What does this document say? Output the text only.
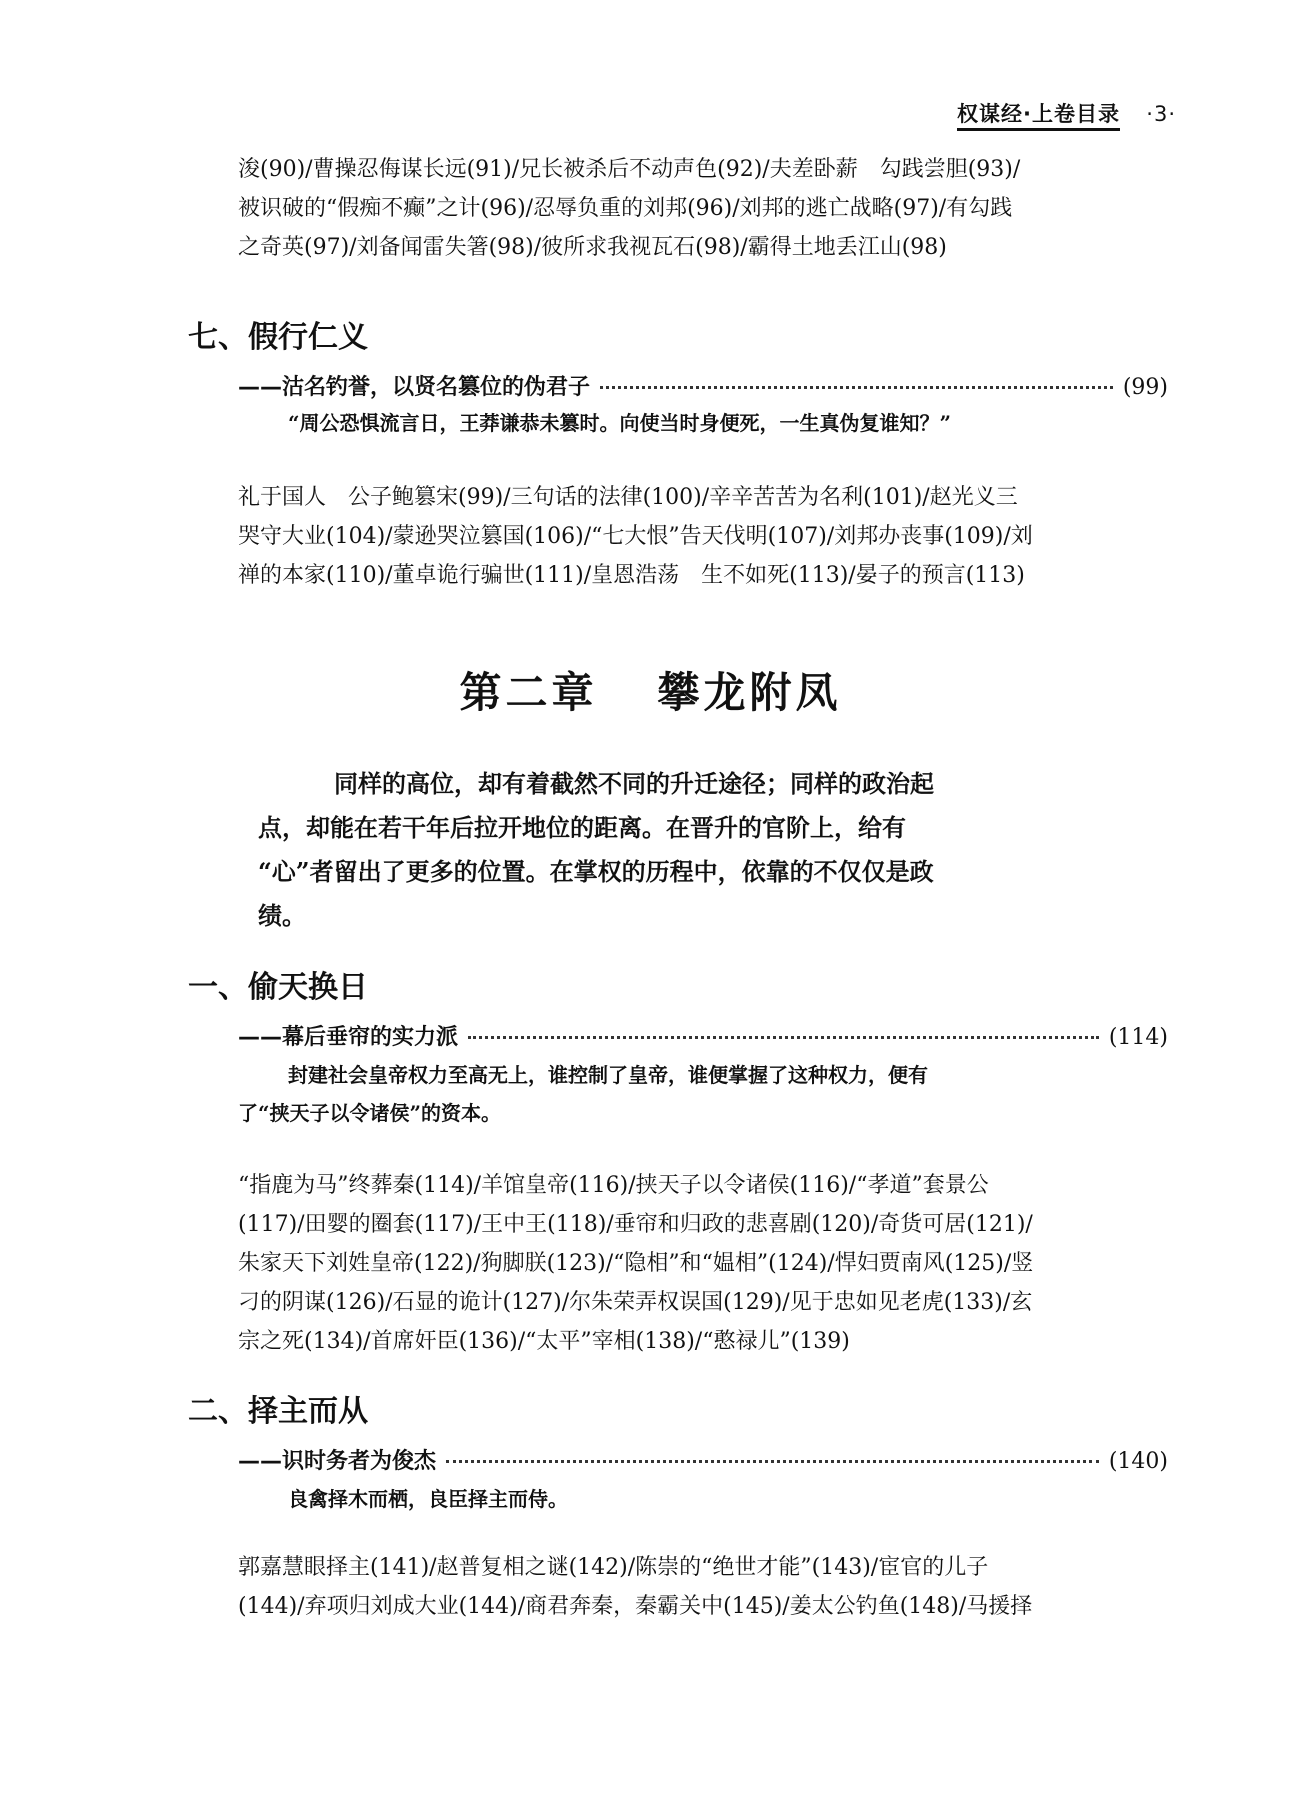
权谋经·上卷目录 ·3·

浚(90)/曹操忍侮谋长远(91)/兄长被杀后不动声色(92)/夫差卧薪　勾践尝胆(93)/
被识破的“假痴不癫”之计(96)/忍辱负重的刘邦(96)/刘邦的逃亡战略(97)/有勾践
之奇英(97)/刘备闻雷失箸(98)/彼所求我视瓦石(98)/霸得土地丢江山(98)

七、假行仁义
——沽名钓誉，以贤名篡位的伪君子	(99)

“周公恐惧流言日，王莽谦恭未篡时。向使当时身便死，一生真伪复谁知？”

礼于国人　公子鲍篡宋(99)/三句话的法律(100)/辛辛苦苦为名利(101)/赵光义三
哭守大业(104)/蒙逊哭泣篡国(106)/“七大恨”告天伐明(107)/刘邦办丧事(109)/刘
禅的本家(110)/董卓诡行骗世(111)/皇恩浩荡　生不如死(113)/晏子的预言(113)

第二章 攀龙附凤

同样的高位，却有着截然不同的升迁途径；同样的政治起
点，却能在若干年后拉开地位的距离。在晋升的官阶上，给有
“心”者留出了更多的位置。在掌权的历程中，依靠的不仅仅是政
绩。

一、偷天换日
——幕后垂帘的实力派	(114)

封建社会皇帝权力至高无上，谁控制了皇帝，谁便掌握了这种权力，便有
了“挟天子以令诸侯”的资本。

“指鹿为马”终葬秦(114)/羊馆皇帝(116)/挟天子以令诸侯(116)/“孝道”套景公
(117)/田婴的圈套(117)/王中王(118)/垂帘和归政的悲喜剧(120)/奇货可居(121)/
朱家天下刘姓皇帝(122)/狗脚朕(123)/“隐相”和“媪相”(124)/悍妇贾南风(125)/竖
刁的阴谋(126)/石显的诡计(127)/尔朱荣弄权误国(129)/见于忠如见老虎(133)/玄
宗之死(134)/首席奸臣(136)/“太平”宰相(138)/“憨禄儿”(139)

二、择主而从
——识时务者为俊杰	(140)

良禽择木而栖，良臣择主而侍。

郭嘉慧眼择主(141)/赵普复相之谜(142)/陈崇的“绝世才能”(143)/宦官的儿子
(144)/弃项归刘成大业(144)/商君奔秦，秦霸关中(145)/姜太公钓鱼(148)/马援择
